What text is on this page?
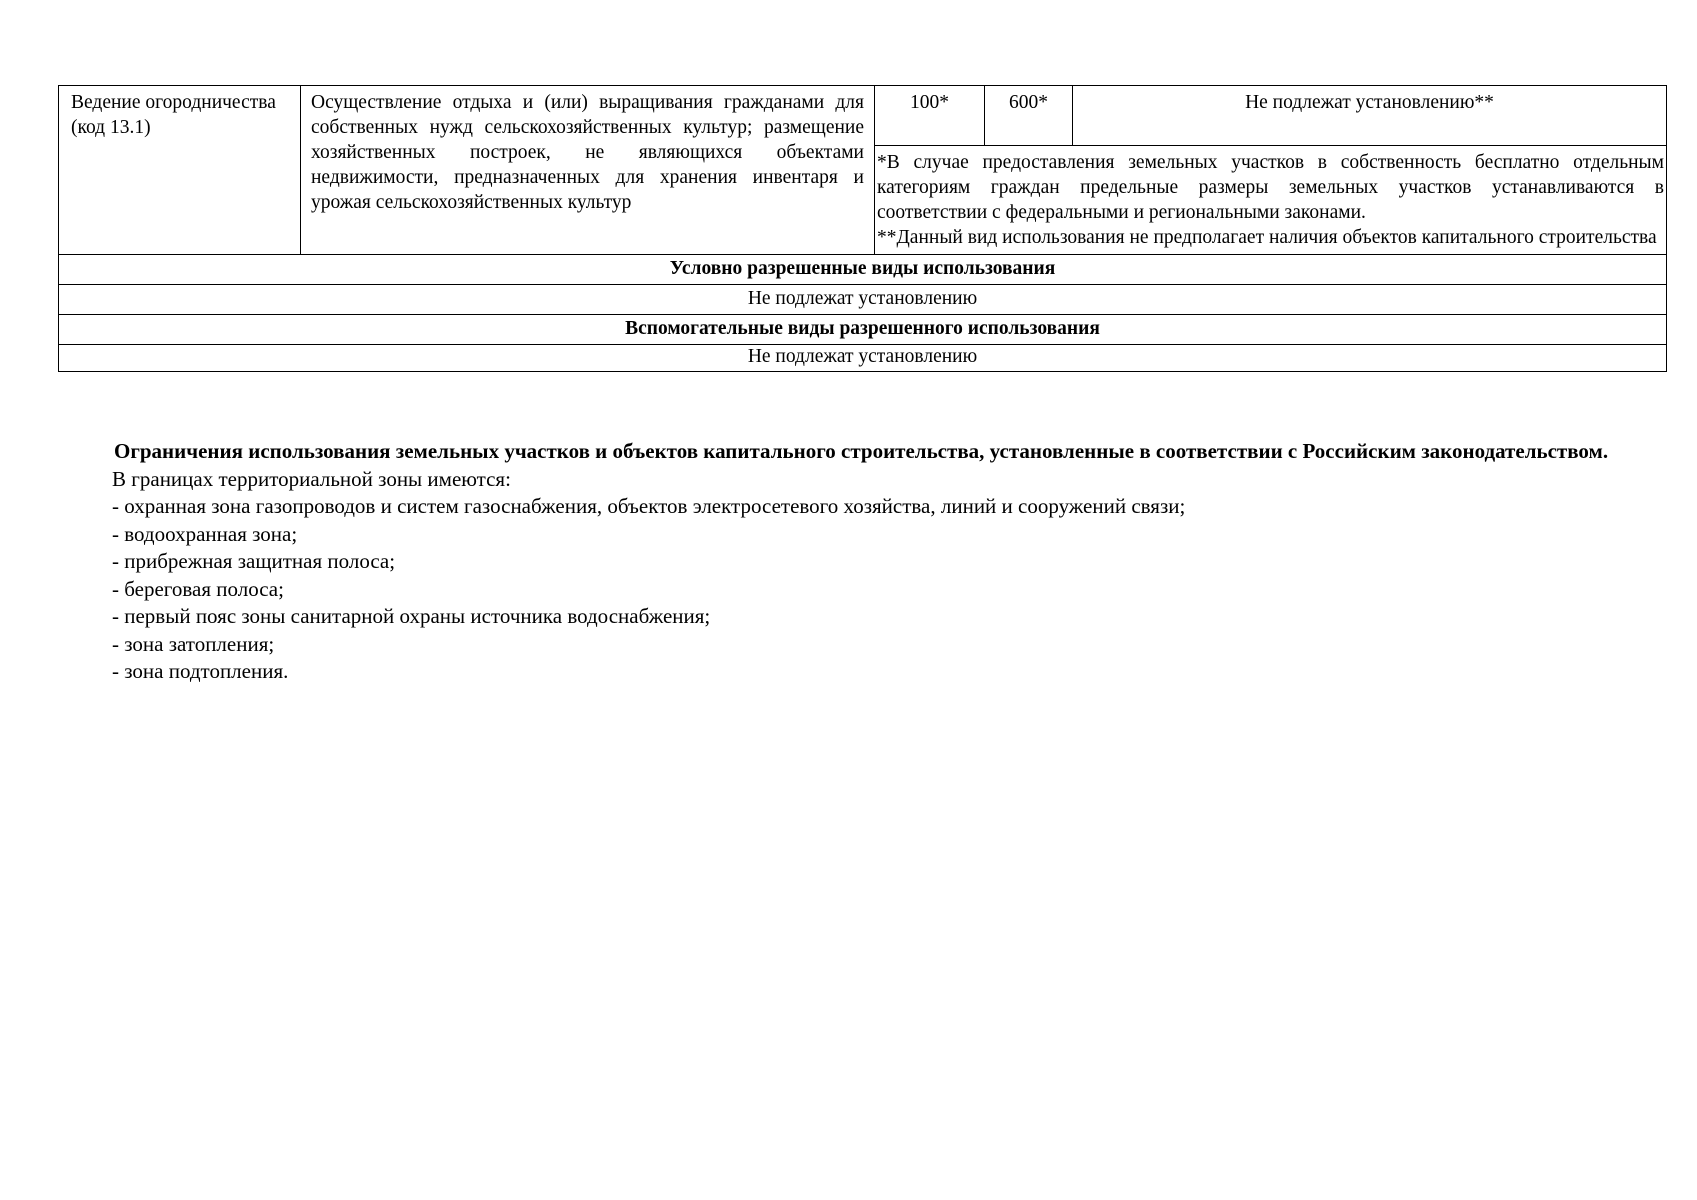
Ведение огородничества (код 13.1)	Осуществление отдыха и (или) выращивания гражданами для собственных нужд сельскохозяйственных культур; размещение хозяйственных построек, не являющихся объектами недвижимости, предназначенных для хранения инвентаря и урожая сельскохозяйственных культур	100*	600*	Не подлежат установлению**

*В случае предоставления земельных участков в собственность бесплатно отдельным категориям граждан предельные размеры земельных участков устанавливаются в соответствии с федеральными и региональными законами.

**Данный вид использования не предполагает наличия объектов капитального строительства

Условно разрешенные виды использования
Не подлежат установлению
Вспомогательные виды разрешенного использования
Не подлежат установлению

Ограничения использования земельных участков и объектов капитального строительства, установленные в соответствии с Российским законодательством.

В границах территориальной зоны имеются:

- охранная зона газопроводов и систем газоснабжения, объектов электросетевого хозяйства, линий и сооружений связи;
- водоохранная зона;
- прибрежная защитная полоса;
- береговая полоса;
- первый пояс зоны санитарной охраны источника водоснабжения;
- зона затопления;
- зона подтопления.
